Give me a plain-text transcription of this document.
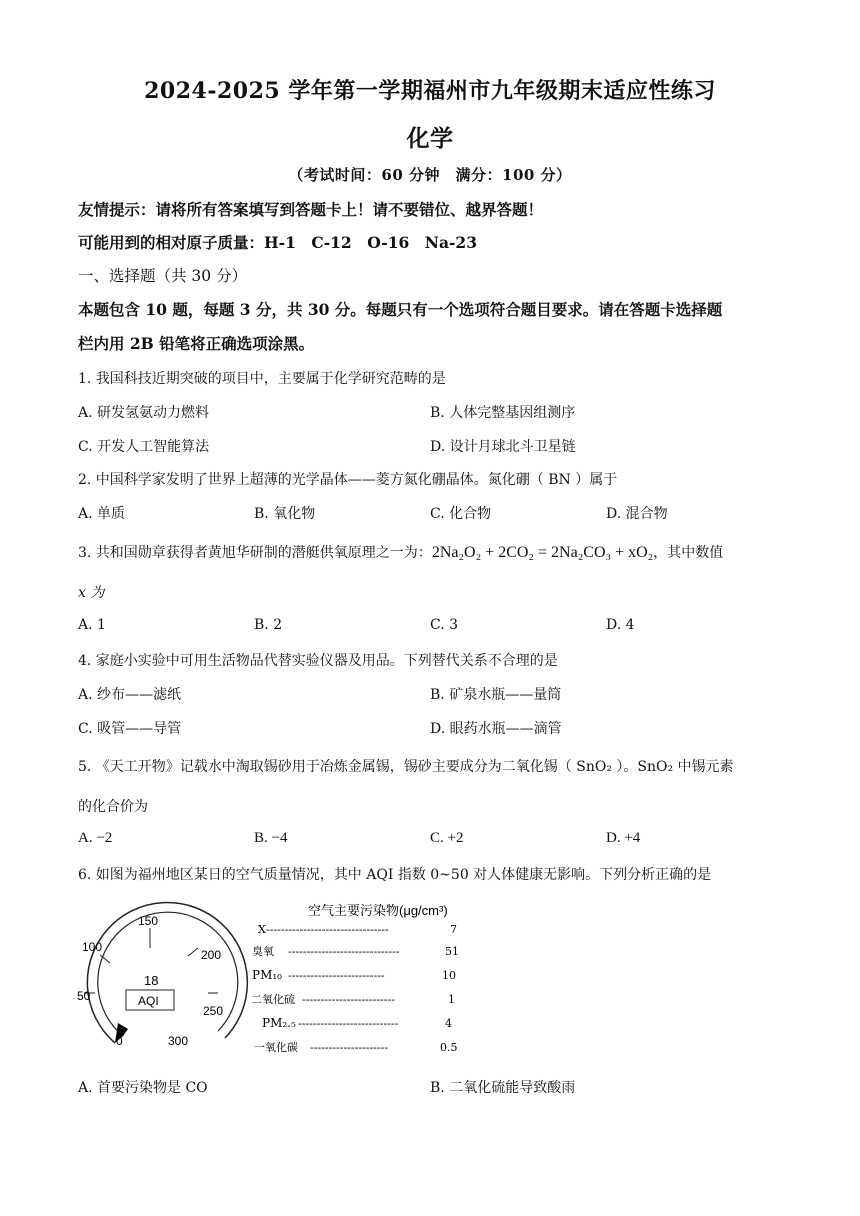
2024-2025 学年第一学期福州市九年级期末适应性练习
化学
（考试时间：60 分钟　满分：100 分）
友情提示：请将所有答案填写到答题卡上！请不要错位、越界答题！
可能用到的相对原子质量：H-1　C-12　O-16　Na-23
一、选择题（共 30 分）
本题包含 10 题，每题 3 分，共 30 分。每题只有一个选项符合题目要求。请在答题卡选择题
栏内用 2B 铅笔将正确选项涂黑。
1. 我国科技近期突破的项目中，主要属于化学研究范畴的是
A. 研发氢氨动力燃料	B. 人体完整基因组测序
C. 开发人工智能算法	D. 设计月球北斗卫星链
2. 中国科学家发明了世界上超薄的光学晶体——菱方氮化硼晶体。氮化硼（ BN ）属于
A. 单质	B. 氧化物	C. 化合物	D. 混合物
3. 共和国勋章获得者黄旭华研制的潜艇供氧原理之一为：2Na₂O₂ + 2CO₂ = 2Na₂CO₃ + xO₂，其中数值
x 为
A. 1	B. 2	C. 3	D. 4
4. 家庭小实验中可用生活物品代替实验仪器及用品。下列替代关系不合理的是
A. 纱布——滤纸	B. 矿泉水瓶——量筒
C. 吸管——导管	D. 眼药水瓶——滴管
5. 《天工开物》记载水中淘取锡砂用于冶炼金属锡，锡砂主要成分为二氧化锡（ SnO₂ ）。SnO₂ 中锡元素
的化合价为
A. −2	B. −4	C. +2	D. +4
6. 如图为福州地区某日的空气质量情况，其中 AQI 指数 0~50 对人体健康无影响。下列分析正确的是
150
100
200
50
250
0	300
18
AQI
空气主要污染物(μg/cm³)
X ---------------------------------	7
臭氧 ------------------------------	51
PM₁₀ --------------------------	10
二氧化硫 -------------------------	1
PM₂.₅ ---------------------------	4
一氧化碳 ---------------------	0.5
A. 首要污染物是 CO	B. 二氧化硫能导致酸雨
